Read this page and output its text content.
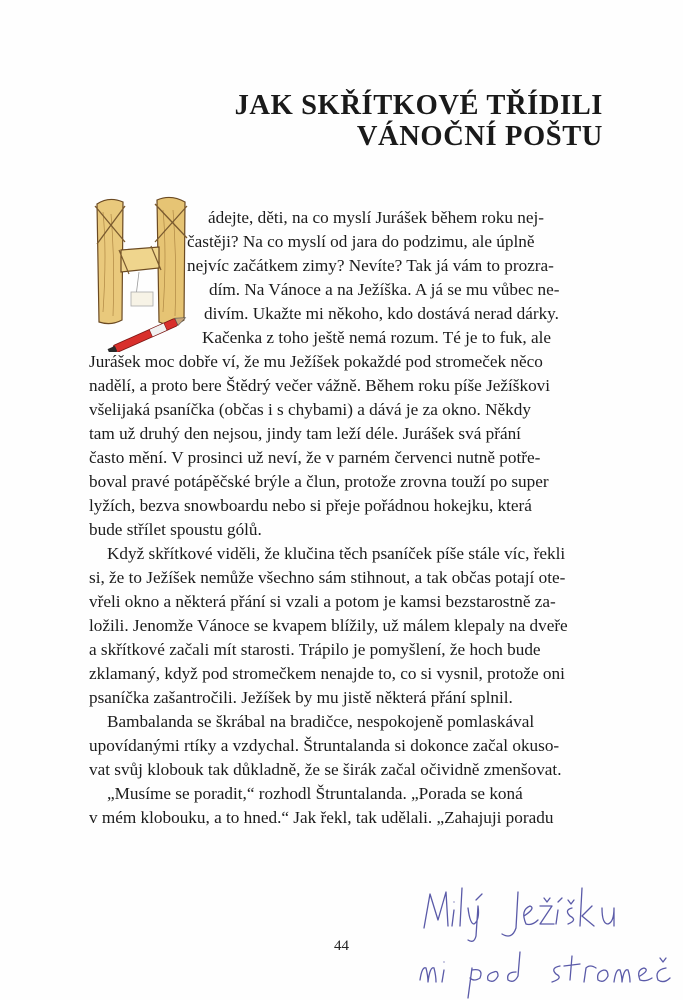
JAK SKŘÍTKOVÉ TŘÍDILI
VÁNOČNÍ POŠTU
ádejte, děti, na co myslí Jurášek během roku nej-
častěji? Na co myslí od jara do podzimu, ale úplně
nejvíc začátkem zimy? Nevíte? Tak já vám to prozra-
dím. Na Vánoce a na Ježíška. A já se mu vůbec ne-
divím. Ukažte mi někoho, kdo dostává nerad dárky.
Kačenka z toho ještě nemá rozum. Té je to fuk, ale
Jurášek moc dobře ví, že mu Ježíšek pokaždé pod stromeček něco
nadělí, a proto bere Štědrý večer vážně. Během roku píše Ježíškovi
všelijaká psaníčka (občas i s chybami) a dává je za okno. Někdy
tam už druhý den nejsou, jindy tam leží déle. Jurášek svá přání
často mění. V prosinci už neví, že v parném červenci nutně potře-
boval pravé potápěčské brýle a člun, protože zrovna touží po super
lyžích, bezva snowboardu nebo si přeje pořádnou hokejku, která
bude střílet spoustu gólů.
Když skřítkové viděli, že klučina těch psaníček píše stále víc, řekli
si, že to Ježíšek nemůže všechno sám stihnout, a tak občas potají ote-
vřeli okno a některá přání si vzali a potom je kamsi bezstarostně za-
ložili. Jenomže Vánoce se kvapem blížily, už málem klepaly na dveře
a skřítkové začali mít starosti. Trápilo je pomyšlení, že hoch bude
zklamaný, když pod stromečkem nenajde to, co si vysnil, protože oni
psaníčka zašantročili. Ježíšek by mu jistě některá přání splnil.
Bambalanda se škrábal na bradičce, nespokojeně pomlaskával
upovídanými rtíky a vzdychal. Štruntalanda si dokonce začal okuso-
vat svůj klobouk tak důkladně, že se širák začal očividně zmenšovat.
„Musíme se poradit,“ rozhodl Štruntalanda. „Porada se koná
v mém klobouku, a to hned.“ Jak řekl, tak udělali. „Zahajuji poradu
44
